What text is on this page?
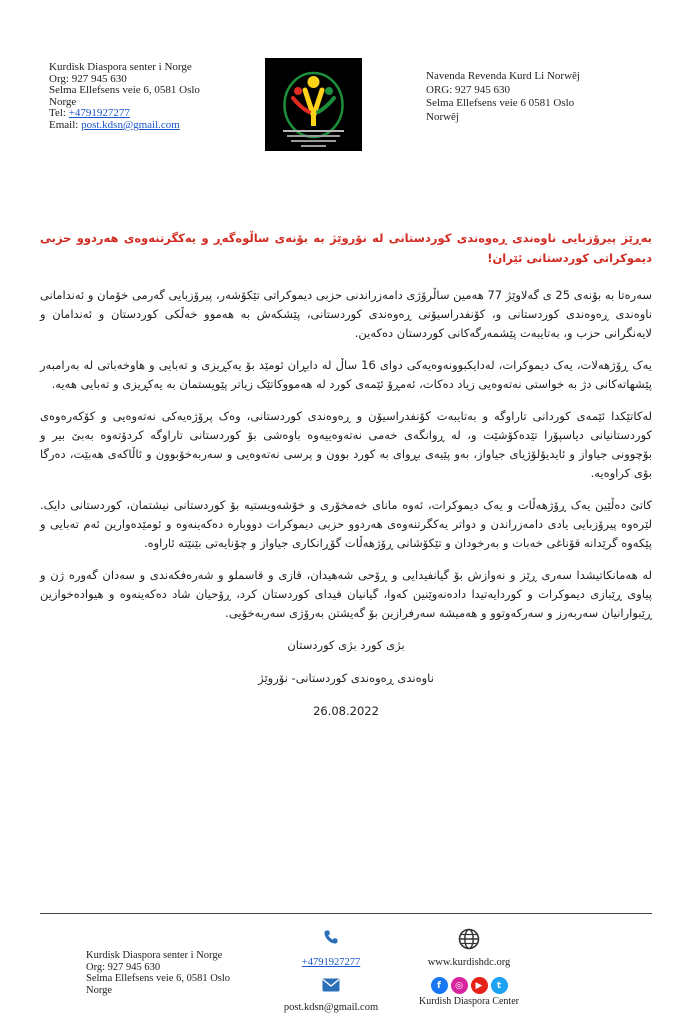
Kurdisk Diaspora senter i Norge
Org: 927 945 630
Selma Ellefsens veie 6, 0581 Oslo
Norge
Tel: +4791927277
Email: post.kdsn@gmail.com
Navenda Revenda Kurd Li Norwêj
ORG: 927 945 630
Selma Ellefsens veie 6 0581 Oslo
Norwêj
بەڕێز پیرۆزبایی ناوەندی ڕەوەندی کوردستانی لە نۆروێژ بە بۆنەی ساڵوەگەڕ و یەکگرتنەوەی هەردوو حزبی دیموکراتی کوردستانی ئێران!

سەرەتا بە بۆنەی 25 ی گەلاوێژ 77 هەمین ساڵرۆژی دامەزراندنی حزبی دیموکراتی تێکۆشەر، پیرۆزبایی گەرمی خۆمان و ئەندامانی ناوەندی ڕەوەندی کوردستانی و، کۆنفدراسیۆنی ڕەوەندی کوردستانی، پێشکەش بە هەموو خەڵکی کوردستان و ئەندامان و لایەنگرانی حزب و، بەتایبەت پێشمەرگەکانی کوردستان دەکەین.

یەک ڕۆژهەلات، یەک دیموکرات، لەدایکبوونەوەیەکی دوای 16 ساڵ لە دابڕان ئومێد بۆ یەکڕیزی و تەبایی و هاوخەباتی لە بەرامبەر پێشهاتەکانی دژ بە خواستی نەتەوەیی زیاد دەکات، ئەمڕۆ ئێمەی کورد لە هەمووکاتێک زیاتر پێویستمان بە یەکڕیزی و تەبایی هەیە.

لەکاتێکدا ئێمەی کوردانی تاراوگە و بەتایبەت کۆنفدراسیۆن و ڕەوەندی کوردستانی، وەک پرۆژەیەکی نەتەوەیی و کۆکەرەوەی کوردستانیانی دیاسپۆرا تێدەکۆشێت و، لە ڕوانگەی خەمی نەتەوەییەوە باوەشی بۆ کوردستانی تاراوگە کردۆتەوە بەبێ بیر و بۆچوونی جیاواز و ئایدیۆلۆژیای جیاواز، بەو پێیەی بڕوای بە کورد بوون و پرسی نەتەوەیی و سەربەخۆبوون و ئاڵاکەی هەبێت، دەرگا بۆی کراوەیە.

کاتێ دەڵێین یەک ڕۆژهەڵات و یەک دیموکرات، ئەوە مانای خەمخۆری و خۆشەویستیە بۆ کوردستانی نیشتمان، کوردستانی دایک. لێرەوە پیرۆزبایی یادی دامەزراندن و دواتر یەکگرتنەوەی هەردوو حزبی دیموکرات دووبارە دەکەینەوە و ئومێدەوارین ئەم تەبایی و پێکەوە گرێدانە قۆناغی خەبات و بەرخودان و تێکۆشانی ڕۆژهەڵات گۆڕانکاری جیاواز و چۆنایەتی بێنێتە ئاراوە.

لە هەمانکاتیشدا سەری ڕێز و نەوازش بۆ گیانفیدایی و ڕۆحی شەهیدان، قازی و قاسملو و شەرەفکەندی و سەدان گەورە ژن و پیاوی ڕێبازی دیموکرات و کوردایەتیدا دادەنەوێنین کەوا، گیانیان فیدای کوردستان کرد، ڕۆحیان شاد دەکەینەوە و هیوادەخوازین ڕێبوارانیان سەربەرز و سەرکەوتوو و هەمیشە سەرفرازین بۆ گەیشتن بەرۆژی سەربەخۆیی.

بژی کورد بژی کوردستان
ناوەندی ڕەوەندی کوردستانی- نۆروێژ
26.08.2022
Kurdisk Diaspora senter i Norge
Org: 927 945 630
Selma Ellefsens veie 6, 0581 Oslo
Norge
+4791927277
post.kdsn@gmail.com
www.kurdishdc.org
f	◎	▶	t
Kurdish Diaspora Center
